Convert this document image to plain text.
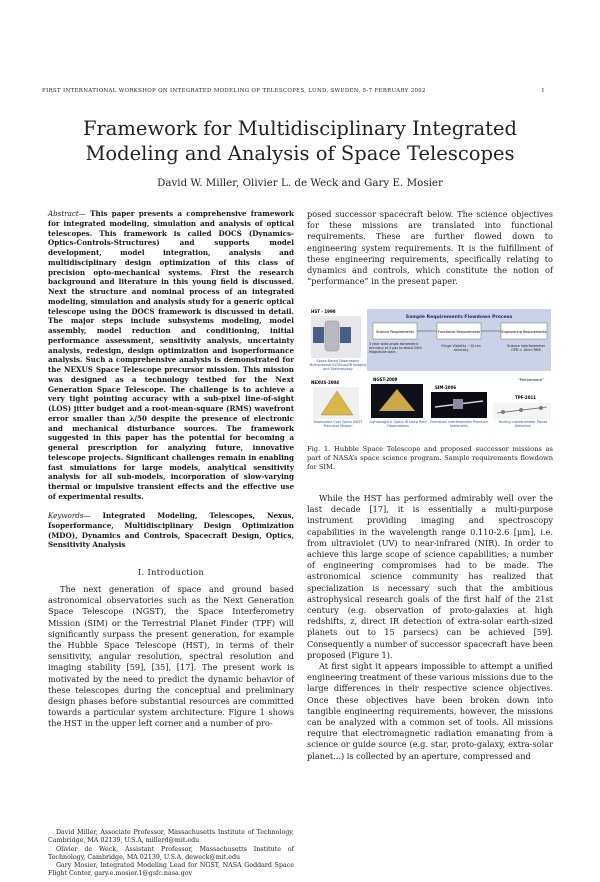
FIRST INTERNATIONAL WORKSHOP ON INTEGRATED MODELING OF TELESCOPES, LUND, SWEDEN, 5-7 FEBRUARY 2002	1
Framework for Multidisciplinary Integrated
Modeling and Analysis of Space Telescopes
David W. Miller, Olivier L. de Weck and Gary E. Mosier
Abstract— This paper presents a comprehensive framework for integrated modeling, simulation and analysis of optical telescopes. This framework is called DOCS (Dynamics-Optics-Controls-Structures) and supports model development, model integration, analysis and multidisciplinary design optimization of this class of precision opto-mechanical systems. First the research background and literature in this young field is discussed. Next the structure and nominal process of an integrated modeling, simulation and analysis study for a generic optical telescope using the DOCS framework is discussed in detail. The major steps include subsystems modeling, model assembly, model reduction and conditioning, initial performance assessment, sensitivity analysis, uncertainty analysis, redesign, design optimization and isoperformance analysis. Such a comprehensive analysis is demonstrated for the NEXUS Space Telescope precursor mission. This mission was designed as a technology testbed for the Next Generation Space Telescope. The challenge is to achieve a very tight pointing accuracy with a sub-pixel line-of-sight (LOS) jitter budget and a root-mean-square (RMS) wavefront error smaller than λ/50 despite the presence of electronic and mechanical disturbance sources. The framework suggested in this paper has the potential for becoming a general prescription for analyzing future, innovative telescope projects. Significant challenges remain in enabling fast simulations for large models, analytical sensitivity analysis for all sub-models, incorporation of slow-varying thermal or impulsive transient effects and the effective use of experimental results.
Keywords— Integrated Modeling, Telescopes, Nexus, Isoperformance, Multidisciplinary Design Optimization (MDO), Dynamics and Controls, Spacecraft Design, Optics, Sensitivity Analysis
I. Introduction

The next generation of space and ground based astronomical observatories such as the Next Generation Space Telescope (NGST), the Space Interferometry Mission (SIM) or the Terrestrial Planet Finder (TPF) will significantly surpass the present generation, for example the Hubble Space Telescope (HST), in terms of their sensitivity, angular resolution, spectral resolution and imaging stability [59], [35], [17]. The present work is motivated by the need to predict the dynamic behavior of these telescopes during the conceptual and preliminary design phases before substantial resources are committed towards a particular system architecture. Figure 1 shows the HST in the upper left corner and a number of pro-

David Miller, Associate Professor, Massachusetts Institute of Technology, Cambridge, MA 02139, U.S.A, millerd@mit.edu

Olivier de Weck, Assistant Professor, Massachusetts Institute of Technology, Cambridge, MA 02139, U.S.A, deweck@mit.edu

Gary Mosier, Integrated Modeling Lead for NGST, NASA Goddard Space Flight Center, gary.e.mosier.1@gsfc.nasa.gov

posed successor spacecraft below. The science objectives for these missions are translated into functional requirements. These are further flowed down to engineering system requirements. It is the fulfillment of these engineering requirements, specifically relating to dynamics and controls, which constitute the notion of “performance” in the present paper.

Sample Requirements Flowdown Process
Science Requirements	Functional Requirements	Engineering Requirements
3 year wide-angle astrometric accuracy of 4 μas to about 20th Magnitude stars
Fringe Visibility ~10 nm accuracy
Science Interferometer OPD < 10nm RMS
“Performance”
HST - 1990
Space-Based Observatory Multipurpose UV/Visual/IR Imaging and Spectroscopy
NEXUS-2004
Deployable Cold Optics NGST Precursor Mission
NGST-2009
Lightweight Ir Optics IR Deep Field Observations
SIM-2006
Formation Interferometer Precision Astrometry
TPF-2011
Nulling Interferometer Planet Detection
Fig. 1. Hubble Space Telescope and proposed successor missions as part of NASA’s space science program. Sample requirements flowdown for SIM.

While the HST has performed admirably well over the last decade [17], it is essentially a multi-purpose instrument providing imaging and spectroscopy capabilities in the wavelength range 0.110-2.6 [μm], i.e. from ultraviolet (UV) to near-infrared (NIR). In order to achieve this large scope of science capabilities, a number of engineering compromises had to be made. The astronomical science community has realized that specialization is necessary such that the ambitious astrophysical research goals of the first half of the 21st century (e.g. observation of proto-galaxies at high redshifts, z, direct IR detection of extra-solar earth-sized planets out to 15 parsecs) can be achieved [59]. Consequently a number of successor spacecraft have been proposed (Figure 1).

At first sight it appears impossible to attempt a unified engineering treatment of these various missions due to the large differences in their respective science objectives. Once these objectives have been broken down into tangible engineering requirements, however, the missions can be analyzed with a common set of tools. All missions require that electromagnetic radiation emanating from a science or guide source (e.g. star, proto-galaxy, extra-solar planet...) is collected by an aperture, compressed and
